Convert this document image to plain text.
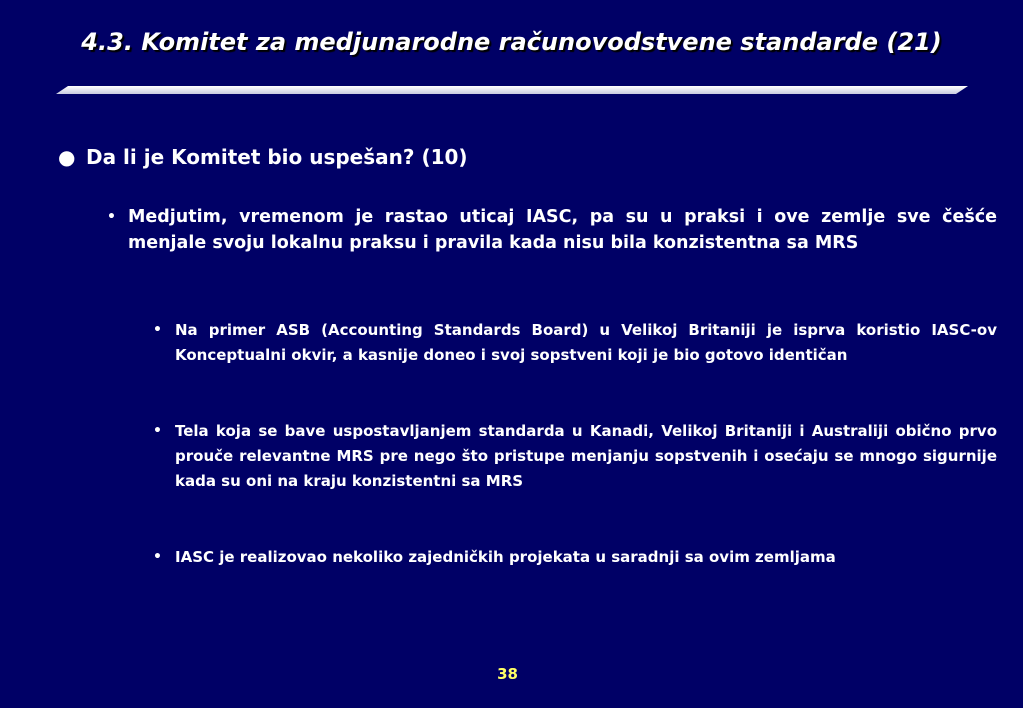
4.3. Komitet za medjunarodne računovodstvene standarde (21)
● Da li je Komitet bio uspešan? (10)
• Medjutim, vremenom je rastao uticaj IASC, pa su u praksi i ove zemlje sve češće menjale svoju lokalnu praksu i pravila kada nisu bila konzistentna sa MRS
• Na primer ASB (Accounting Standards Board) u Velikoj Britaniji je isprva koristio IASC-ov Konceptualni okvir, a kasnije doneo i svoj sopstveni koji je bio gotovo identičan
• Tela koja se bave uspostavljanjem standarda u Kanadi, Velikoj Britaniji i Australiji obično prvo prouče relevantne MRS pre nego što pristupe menjanju sopstvenih i osećaju se mnogo sigurnije kada su oni na kraju konzistentni sa MRS
• IASC je realizovao nekoliko zajedničkih projekata u saradnji sa ovim zemljama
38
